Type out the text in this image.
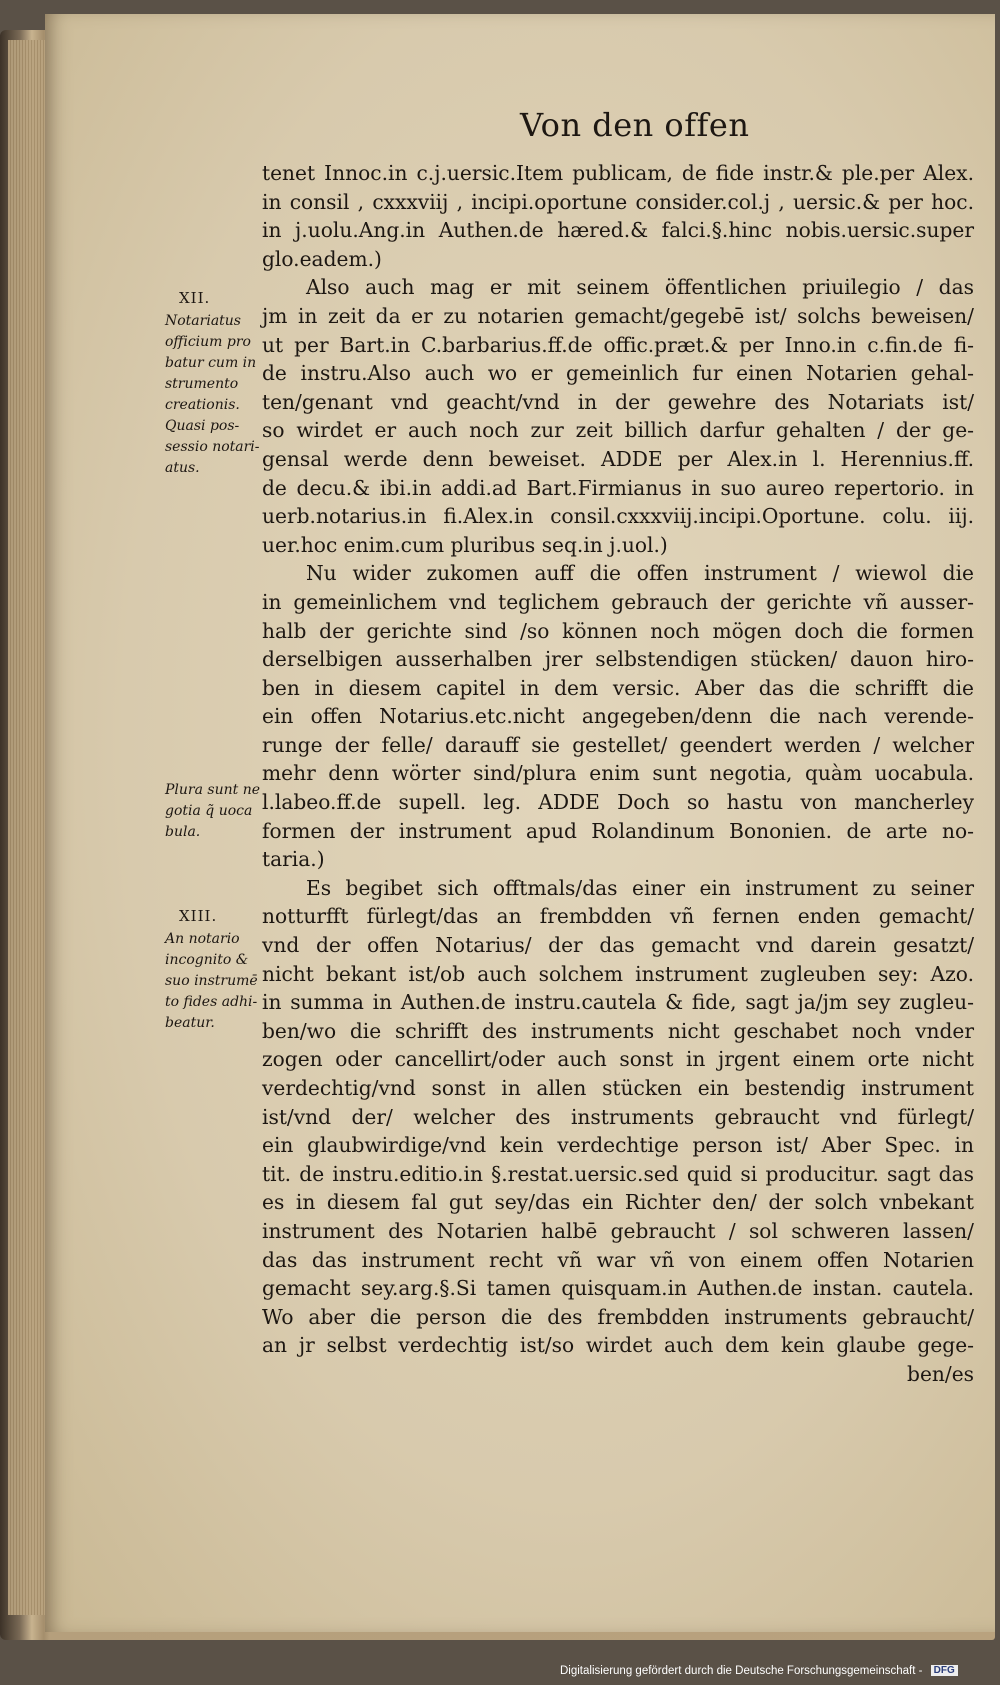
Von den offen
XII.
Notariatus
officium pro
batur cum in
strumento
creationis.
Quasi pos-
sessio notari-
atus.
Plura sunt ne
gotia q̃ uoca
bula.
XIII.
An notario
incognito &
suo instrumē
to fides adhi-
beatur.
tenet Innoc.in c.j.uersic.Item publicam, de fide instr.& ple.per Alex.
in consil , cxxxviij , incipi.oportune consider.col.j , uersic.& per hoc.
in j.uolu.Ang.in Authen.de hæred.& falci.§.hinc nobis.uersic.super
glo.eadem.)
Also auch mag er mit seinem öffentlichen priuilegio / das
jm in zeit da er zu notarien gemacht/gegebē ist/ solchs beweisen/
ut per Bart.in C.barbarius.ff.de offic.præt.& per Inno.in c.fin.de fi-
de instru.Also auch wo er gemeinlich fur einen Notarien gehal-
ten/genant vnd geacht/vnd in der gewehre des Notariats ist/
so wirdet er auch noch zur zeit billich darfur gehalten / der ge-
gensal werde denn beweiset. ADDE per Alex.in l. Herennius.ff.
de decu.& ibi.in addi.ad Bart.Firmianus in suo aureo repertorio. in
uerb.notarius.in fi.Alex.in consil.cxxxviij.incipi.Oportune. colu. iij.
uer.hoc enim.cum pluribus seq.in j.uol.)
Nu wider zukomen auff die offen instrument / wiewol die
in gemeinlichem vnd teglichem gebrauch der gerichte vñ ausser-
halb der gerichte sind /so können noch mögen doch die formen
derselbigen ausserhalben jrer selbstendigen stücken/ dauon hiro-
ben in diesem capitel in dem versic. Aber das die schrifft die
ein offen Notarius.etc.nicht angegeben/denn die nach verende-
runge der felle/ darauff sie gestellet/ geendert werden / welcher
mehr denn wörter sind/plura enim sunt negotia, quàm uocabula.
l.labeo.ff.de supell. leg. ADDE Doch so hastu von mancherley
formen der instrument apud Rolandinum Bononien. de arte no-
taria.)
Es begibet sich offtmals/das einer ein instrument zu seiner
notturfft fürlegt/das an frembdden vñ fernen enden gemacht/
vnd der offen Notarius/ der das gemacht vnd darein gesatzt/
nicht bekant ist/ob auch solchem instrument zugleuben sey: Azo.
in summa in Authen.de instru.cautela & fide, sagt ja/jm sey zugleu-
ben/wo die schrifft des instruments nicht geschabet noch vnder
zogen oder cancellirt/oder auch sonst in jrgent einem orte nicht
verdechtig/vnd sonst in allen stücken ein bestendig instrument
ist/vnd der/ welcher des instruments gebraucht vnd fürlegt/
ein glaubwirdige/vnd kein verdechtige person ist/ Aber Spec. in
tit. de instru.editio.in §.restat.uersic.sed quid si producitur. sagt das
es in diesem fal gut sey/das ein Richter den/ der solch vnbekant
instrument des Notarien halbē gebraucht / sol schweren lassen/
das das instrument recht vñ war vñ von einem offen Notarien
gemacht sey.arg.§.Si tamen quisquam.in Authen.de instan. cautela.
Wo aber die person die des frembdden instruments gebraucht/
an jr selbst verdechtig ist/so wirdet auch dem kein glaube gege-
ben/es
Digitalisierung gefördert durch die Deutsche Forschungsgemeinschaft - DFG
